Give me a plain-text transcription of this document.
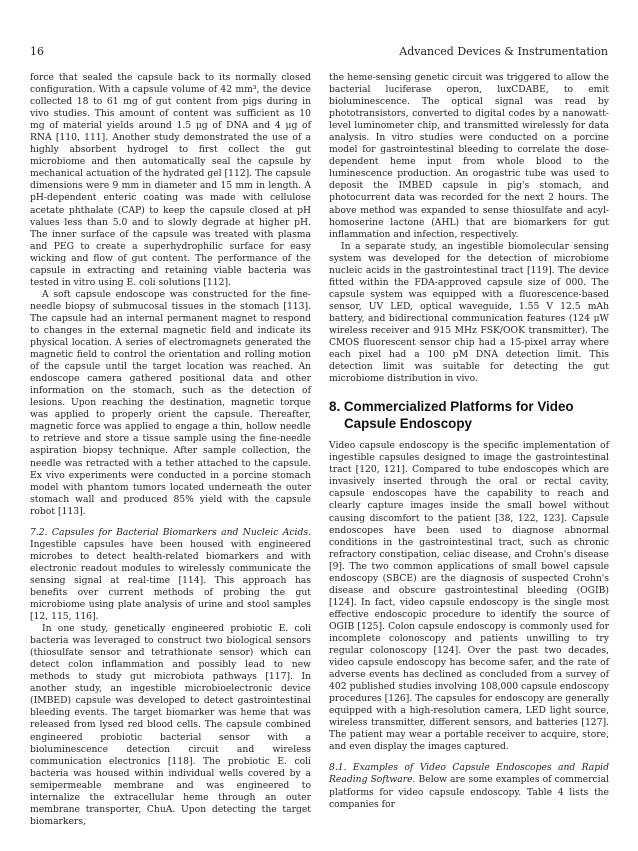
16	Advanced Devices & Instrumentation

force that sealed the capsule back to its normally closed configuration. With a capsule volume of 42 mm³, the device collected 18 to 61 mg of gut content from pigs during in vivo studies. This amount of content was sufficient as 10 mg of material yields around 1.5 μg of DNA and 4 μg of RNA [110, 111]. Another study demonstrated the use of a highly absorbent hydrogel to first collect the gut microbiome and then automatically seal the capsule by mechanical actuation of the hydrated gel [112]. The capsule dimensions were 9 mm in diameter and 15 mm in length. A pH-dependent enteric coating was made with cellulose acetate phthalate (CAP) to keep the capsule closed at pH values less than 5.0 and to slowly degrade at higher pH. The inner surface of the capsule was treated with plasma and PEG to create a superhydrophilic surface for easy wicking and flow of gut content. The performance of the capsule in extracting and retaining viable bacteria was tested in vitro using E. coli solutions [112].

A soft capsule endoscope was constructed for the fine-needle biopsy of submucosal tissues in the stomach [113]. The capsule had an internal permanent magnet to respond to changes in the external magnetic field and indicate its physical location. A series of electromagnets generated the magnetic field to control the orientation and rolling motion of the capsule until the target location was reached. An endoscope camera gathered positional data and other information on the stomach, such as the detection of lesions. Upon reaching the destination, magnetic torque was applied to properly orient the capsule. Thereafter, magnetic force was applied to engage a thin, hollow needle to retrieve and store a tissue sample using the fine-needle aspiration biopsy technique. After sample collection, the needle was retracted with a tether attached to the capsule. Ex vivo experiments were conducted in a porcine stomach model with phantom tumors located underneath the outer stomach wall and produced 85% yield with the capsule robot [113].

7.2. Capsules for Bacterial Biomarkers and Nucleic Acids. Ingestible capsules have been housed with engineered microbes to detect health-related biomarkers and with electronic readout modules to wirelessly communicate the sensing signal at real-time [114]. This approach has benefits over current methods of probing the gut microbiome using plate analysis of urine and stool samples [12, 115, 116].

In one study, genetically engineered probiotic E. coli bacteria was leveraged to construct two biological sensors (thiosulfate sensor and tetrathionate sensor) which can detect colon inflammation and possibly lead to new methods to study gut microbiota pathways [117]. In another study, an ingestible microbioelectronic device (IMBED) capsule was developed to detect gastrointestinal bleeding events. The target biomarker was heme that was released from lysed red blood cells. The capsule combined engineered probiotic bacterial sensor with a bioluminescence detection circuit and wireless communication electronics [118]. The probiotic E. coli bacteria was housed within individual wells covered by a semipermeable membrane and was engineered to internalize the extracellular heme through an outer membrane transporter, ChuA. Upon detecting the target biomarkers,

the heme-sensing genetic circuit was triggered to allow the bacterial luciferase operon, luxCDABE, to emit bioluminescence. The optical signal was read by phototransistors, converted to digital codes by a nanowatt-level luminometer chip, and transmitted wirelessly for data analysis. In vitro studies were conducted on a porcine model for gastrointestinal bleeding to correlate the dose-dependent heme input from whole blood to the luminescence production. An orogastric tube was used to deposit the IMBED capsule in pig's stomach, and photocurrent data was recorded for the next 2 hours. The above method was expanded to sense thiosulfate and acyl-homoserine lactone (AHL) that are biomarkers for gut inflammation and infection, respectively.

In a separate study, an ingestible biomolecular sensing system was developed for the detection of microbiome nucleic acids in the gastrointestinal tract [119]. The device fitted within the FDA-approved capsule size of 000. The capsule system was equipped with a fluorescence-based sensor, UV LED, optical waveguide, 1.55 V 12.5 mAh battery, and bidirectional communication features (124 μW wireless receiver and 915 MHz FSK/OOK transmitter). The CMOS fluorescent sensor chip had a 15-pixel array where each pixel had a 100 pM DNA detection limit. This detection limit was suitable for detecting the gut microbiome distribution in vivo.

8. Commercialized Platforms for Video
Capsule Endoscopy

Video capsule endoscopy is the specific implementation of ingestible capsules designed to image the gastrointestinal tract [120, 121]. Compared to tube endoscopes which are invasively inserted through the oral or rectal cavity, capsule endoscopes have the capability to reach and clearly capture images inside the small bowel without causing discomfort to the patient [38, 122, 123]. Capsule endoscopes have been used to diagnose abnormal conditions in the gastrointestinal tract, such as chronic refractory constipation, celiac disease, and Crohn's disease [9]. The two common applications of small bowel capsule endoscopy (SBCE) are the diagnosis of suspected Crohn's disease and obscure gastrointestinal bleeding (OGIB) [124]. In fact, video capsule endoscopy is the single most effective endoscopic procedure to identify the source of OGIB [125]. Colon capsule endoscopy is commonly used for incomplete colonoscopy and patients unwilling to try regular colonoscopy [124]. Over the past two decades, video capsule endoscopy has become safer, and the rate of adverse events has declined as concluded from a survey of 402 published studies involving 108,000 capsule endoscopy procedures [126]. The capsules for endoscopy are generally equipped with a high-resolution camera, LED light source, wireless transmitter, different sensors, and batteries [127]. The patient may wear a portable receiver to acquire, store, and even display the images captured.

8.1. Examples of Video Capsule Endoscopes and Rapid Reading Software. Below are some examples of commercial platforms for video capsule endoscopy. Table 4 lists the companies for
